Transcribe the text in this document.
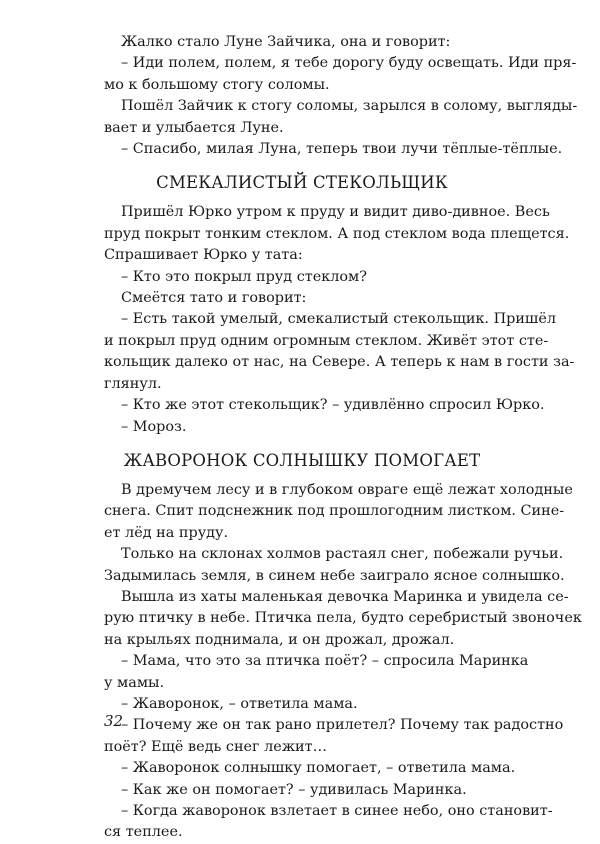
Жалко стало Луне Зайчика, она и говорит:
– Иди полем, полем, я тебе дорогу буду освещать. Иди пря-
мо к большому стогу соломы.
Пошёл Зайчик к стогу соломы, зарылся в солому, выгляды-
вает и улыбается Луне.
– Спасибо, милая Луна, теперь твои лучи тёплые-тёплые.
СМЕКАЛИСТЫЙ СТЕКОЛЬЩИК
Пришёл Юрко утром к пруду и видит диво-дивное. Весь
пруд покрыт тонким стеклом. А под стеклом вода плещется.
Спрашивает Юрко у тата:
– Кто это покрыл пруд стеклом?
Смеётся тато и говорит:
– Есть такой умелый, смекалистый стекольщик. Пришёл
и покрыл пруд одним огромным стеклом. Живёт этот сте-
кольщик далеко от нас, на Севере. А теперь к нам в гости за-
глянул.
– Кто же этот стекольщик? – удивлённо спросил Юрко.
– Мороз.
ЖАВОРОНОК СОЛНЫШКУ ПОМОГАЕТ
В дремучем лесу и в глубоком овраге ещё лежат холодные
снега. Спит подснежник под прошлогодним листком. Сине-
ет лёд на пруду.
Только на склонах холмов растаял снег, побежали ручьи.
Задымилась земля, в синем небе заиграло ясное солнышко.
Вышла из хаты маленькая девочка Маринка и увидела се-
рую птичку в небе. Птичка пела, будто серебристый звоночек
на крыльях поднимала, и он дрожал, дрожал.
– Мама, что это за птичка поёт? – спросила Маринка
у мамы.
– Жаворонок, – ответила мама.
– Почему же он так рано прилетел? Почему так радостно
поёт? Ещё ведь снег лежит…
– Жаворонок солнышку помогает, – ответила мама.
– Как же он помогает? – удивилась Маринка.
– Когда жаворонок взлетает в синее небо, оно становит-
ся теплее.
32
